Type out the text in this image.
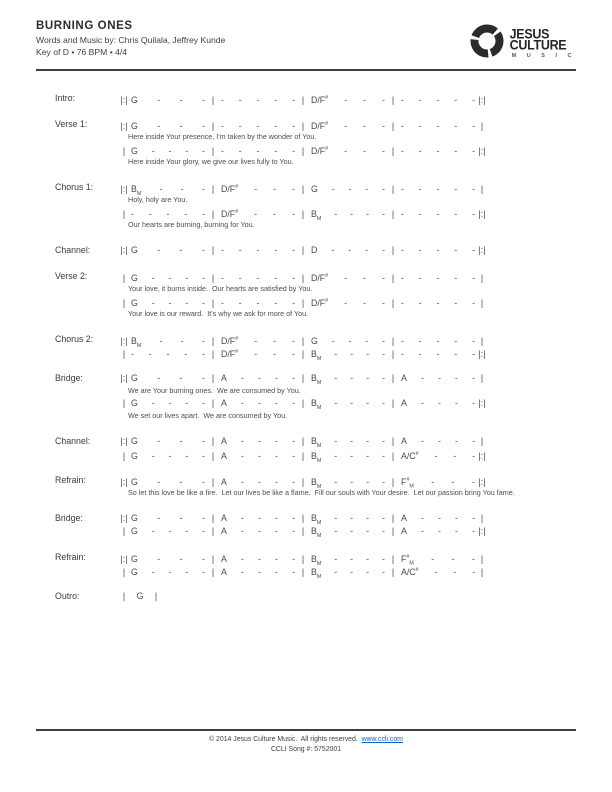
BURNING ONES
Words and Music by: Chris Quilala, Jeffrey Kunde
Key of D • 76 BPM • 4/4
JESUS
CULTURE
M U S I C
Intro:	|:| G - - - | - - - - - | D/F# - - - | - - - - - |:|
Verse 1:	|:| G - - - | - - - - - | D/F# - - - | - - - - - |
Here inside Your presence, I'm taken by the wonder of You.
| G - - - - | - - - - - | D/F# - - - | - - - - - |:|
Here inside Your glory, we give our lives fully to You.
Chorus 1:	|:| $B_M$ - - - | D/F# - - - | G - - - - | - - - - - |
Holy, holy are You.
| - - - - - | D/F# - - - | $B_M$ - - - - | - - - - - |:|
Our hearts are burning, burning for You.
Channel:	|:| G - - - | - - - - - | D - - - - | - - - - - |:|
Verse 2:	| G - - - - | - - - - - | D/F# - - - | - - - - - |
Your love, it burns inside.  Our hearts are satisfied by You.
| G - - - - | - - - - - | D/F# - - - | - - - - - |
Your love is our reward.  It's why we ask for more of You.
Chorus 2:	|:| $B_M$ - - - | D/F# - - - | G - - - - | - - - - - |
| - - - - - | D/F# - - - | $B_M$ - - - - | - - - - - |:|
Bridge:	|:| G - - - | A - - - - | $B_M$ - - - - | A - - - - |
We are Your burning ones.  We are consumed by You.
| G - - - - | A - - - - | $B_M$ - - - - | A - - - - |:|
We set our lives apart.  We are consumed by You.
Channel:	|:| G - - - | A - - - - | $B_M$ - - - - | A - - - - |
| G - - - - | A - - - - | $B_M$ - - - - | A/C# - - - |:|
Refrain:	|:| G - - - | A - - - - | $B_M$ - - - - | $F^{\#}_M$ - - - |:|
So let this love be like a fire.  Let our lives be like a flame.  Fill our souls with Your desire.  Let our passion bring You fame.
Bridge:	|:| G - - - | A - - - - | $B_M$ - - - - | A - - - - |
| G - - - - | A - - - - | $B_M$ - - - - | A - - - - |:|
Refrain:	|:| G - - - | A - - - - | $B_M$ - - - - | $F^{\#}_M$ - - - |
| G - - - - | A - - - - | $B_M$ - - - - | A/C# - - - |
Outro:	|	G	|
© 2014 Jesus Culture Music.  All rights reserved.  www.ccli.com
CCLI Song #: 5752001
